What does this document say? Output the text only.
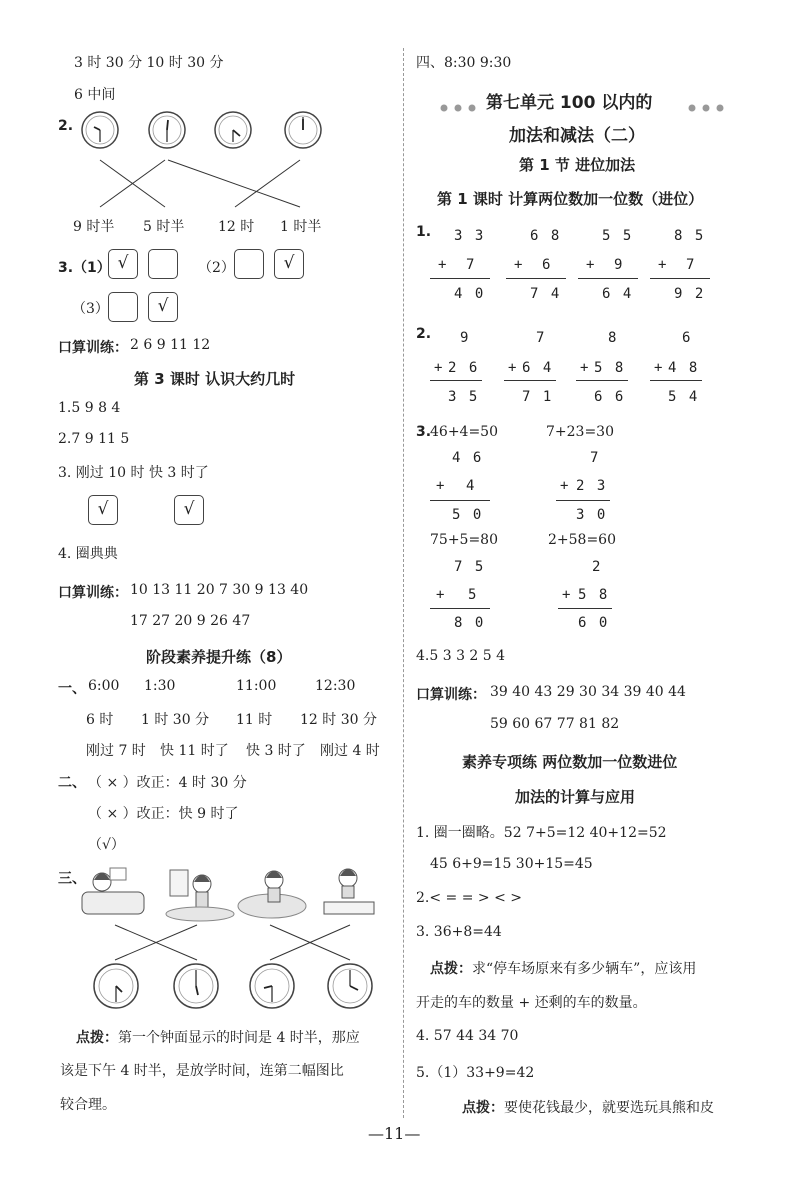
3 时 30 分 10 时 30 分
6 中间
2.
9 时半 5 时半 12 时 1 时半
3.（1） √	（2）	√
（3）	√
口算训练： 2 6 9 11 12
第 3 课时 认识大约几时
1.5 9 8 4
2.7 9 11 5
3. 刚过 10 时 快 3 时了
√	√
4. 圈典典
口算训练： 10 13 11 20 7 30 9 13 40
17 27 20 9 26 47
阶段素养提升练（8）
一、 6:00 1:30	11:00	12:30
6 时 1 时 30 分 11 时 12 时 30 分
刚过 7 时 快 11 时了 快 3 时了 刚过 4 时
二、 （ × ）改正：4 时 30 分
（ × ）改正：快 9 时了
（√）
三、
点拨：第一个钟面显示的时间是 4 时半，那应
该是下午 4 时半，是放学时间，连第二幅图比
较合理。
四、8:30 9:30
第七单元 100 以内的
加法和减法（二）
第 1 节 进位加法
第 1 课时 计算两位数加一位数（进位）
1. 3 3
+ 7
4 0
6 8
+ 6
7 4
5 5
+ 9
6 4
8 5
+ 7
9 2
2. 9
+ 2 6
3 5
7
+ 6 4
7 1
8
+ 5 8
6 6
6
+ 4 8
5 4
3.
46+4=50	7+23=30
4 6
+ 4
5 0
7
+ 2 3
3 0
75+5=80	2+58=60
7 5
+ 5
8 0
2
+ 5 8
6 0
4.5 3 3 2 5 4
口算训练： 39 40 43 29 30 34 39 40 44
59 60 67 77 81 82
素养专项练 两位数加一位数进位
加法的计算与应用
1. 圈一圈略。52 7+5=12 40+12=52
45 6+9=15 30+15=45
2.< = = > < >
3. 36+8=44
点拨：求“停车场原来有多少辆车”，应该用
开走的车的数量 + 还剩的车的数量。
4. 57 44 34 70
5.（1）33+9=42
点拨：要使花钱最少，就要选玩具熊和皮
—11—
